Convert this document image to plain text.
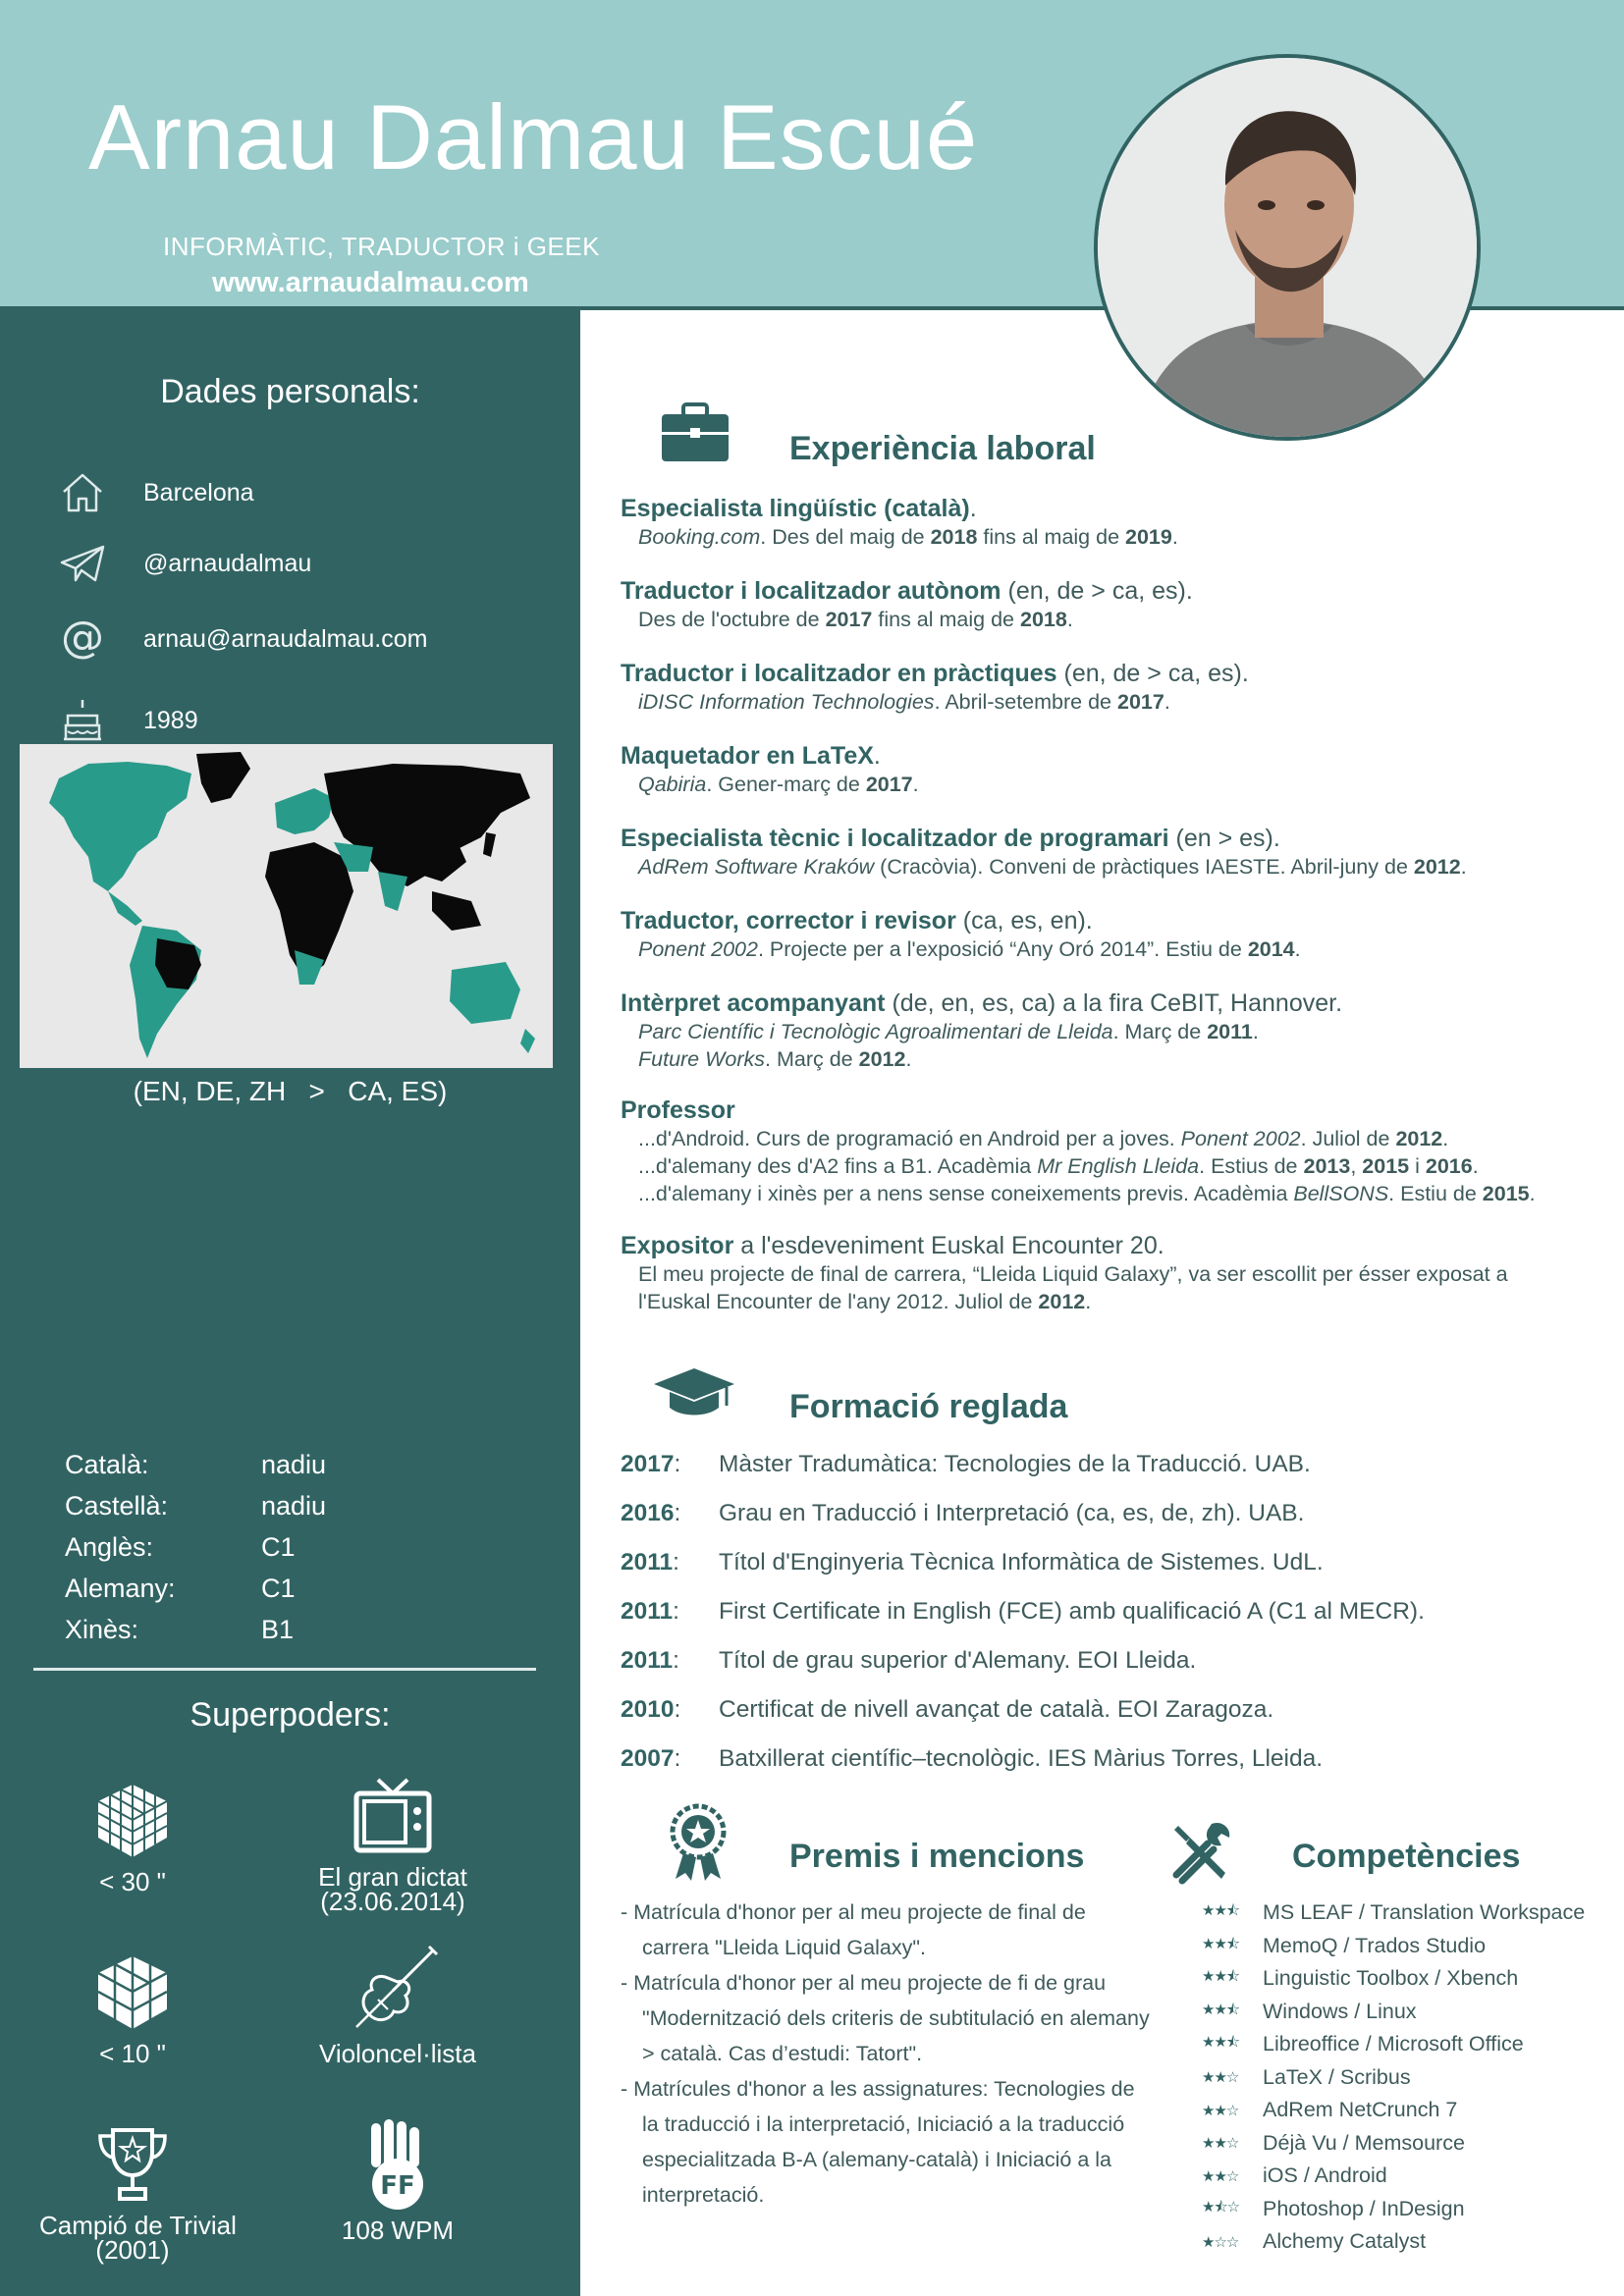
Dades personals:
Barcelona
@arnaudalmau
@ arnau@arnaudalmau.com
1989
(EN, DE, ZH   >   CA, ES)
Català:	nadiu
Castellà:	nadiu
Anglès:	C1
Alemany:	C1
Xinès:	B1
Superpoders:
< 30 "	El gran dictat
(23.06.2014)
< 10 "	Violoncel·lista
Campió de Trivial
(2001)
FF
108 WPM
Arnau Dalmau Escué
INFORMÀTIC, TRADUCTOR i GEEK
www.arnaudalmau.com
Experiència laboral
Especialista lingüístic (català).
Booking.com. Des del maig de 2018 fins al maig de 2019.
Traductor i localitzador autònom (en, de > ca, es).
Des de l'octubre de 2017 fins al maig de 2018.
Traductor i localitzador en pràctiques (en, de > ca, es).
iDISC Information Technologies. Abril-setembre de 2017.
Maquetador en LaTeX.
Qabiria. Gener-març de 2017.
Especialista tècnic i localitzador de programari (en > es).
AdRem Software Kraków (Cracòvia). Conveni de pràctiques IAESTE. Abril-juny de 2012.
Traductor, corrector i revisor (ca, es, en).
Ponent 2002. Projecte per a l'exposició “Any Oró 2014”. Estiu de 2014.
Intèrpret acompanyant (de, en, es, ca) a la fira CeBIT, Hannover.
Parc Científic i Tecnològic Agroalimentari de Lleida. Març de 2011.
Future Works. Març de 2012.
Professor
...d'Android. Curs de programació en Android per a joves. Ponent 2002. Juliol de 2012.
...d'alemany des d'A2 fins a B1. Acadèmia Mr English Lleida. Estius de 2013, 2015 i 2016.
...d'alemany i xinès per a nens sense coneixements previs. Acadèmia BellSONS. Estiu de 2015.
Expositor a l'esdeveniment Euskal Encounter 20.
El meu projecte de final de carrera, “Lleida Liquid Galaxy”, va ser escollit per ésser exposat a
l'Euskal Encounter de l'any 2012. Juliol de 2012.
Formació reglada
2017: Màster Tradumàtica: Tecnologies de la Traducció. UAB.
2016: Grau en Traducció i Interpretació (ca, es, de, zh). UAB.
2011: Títol d'Enginyeria Tècnica Informàtica de Sistemes. UdL.
2011: First Certificate in English (FCE) amb qualificació A (C1 al MECR).
2011: Títol de grau superior d'Alemany. EOI Lleida.
2010: Certificat de nivell avançat de català. EOI Zaragoza.
2007: Batxillerat científic–tecnològic. IES Màrius Torres, Lleida.
Premis i mencions
- Matrícula d'honor per al meu projecte de final de carrera "Lleida Liquid Galaxy".
- Matrícula d'honor per al meu projecte de fi de grau "Modernització dels criteris de subtitulació en alemany > català. Cas d’estudi: Tatort".
- Matrícules d'honor a les assignatures: Tecnologies de la traducció i la interpretació, Iniciació a la traducció especialitzada B-A (alemany-català) i Iniciació a la interpretació.
Competències
★★⯪	MS LEAF / Translation Workspace
★★⯪	MemoQ / Trados Studio
★★⯪	Linguistic Toolbox / Xbench
★★⯪	Windows / Linux
★★⯪	Libreoffice / Microsoft Office
★★☆	LaTeX / Scribus
★★☆	AdRem NetCrunch 7
★★☆	Déjà Vu / Memsource
★★☆	iOS / Android
★⯪☆	Photoshop / InDesign
★☆☆	Alchemy Catalyst
